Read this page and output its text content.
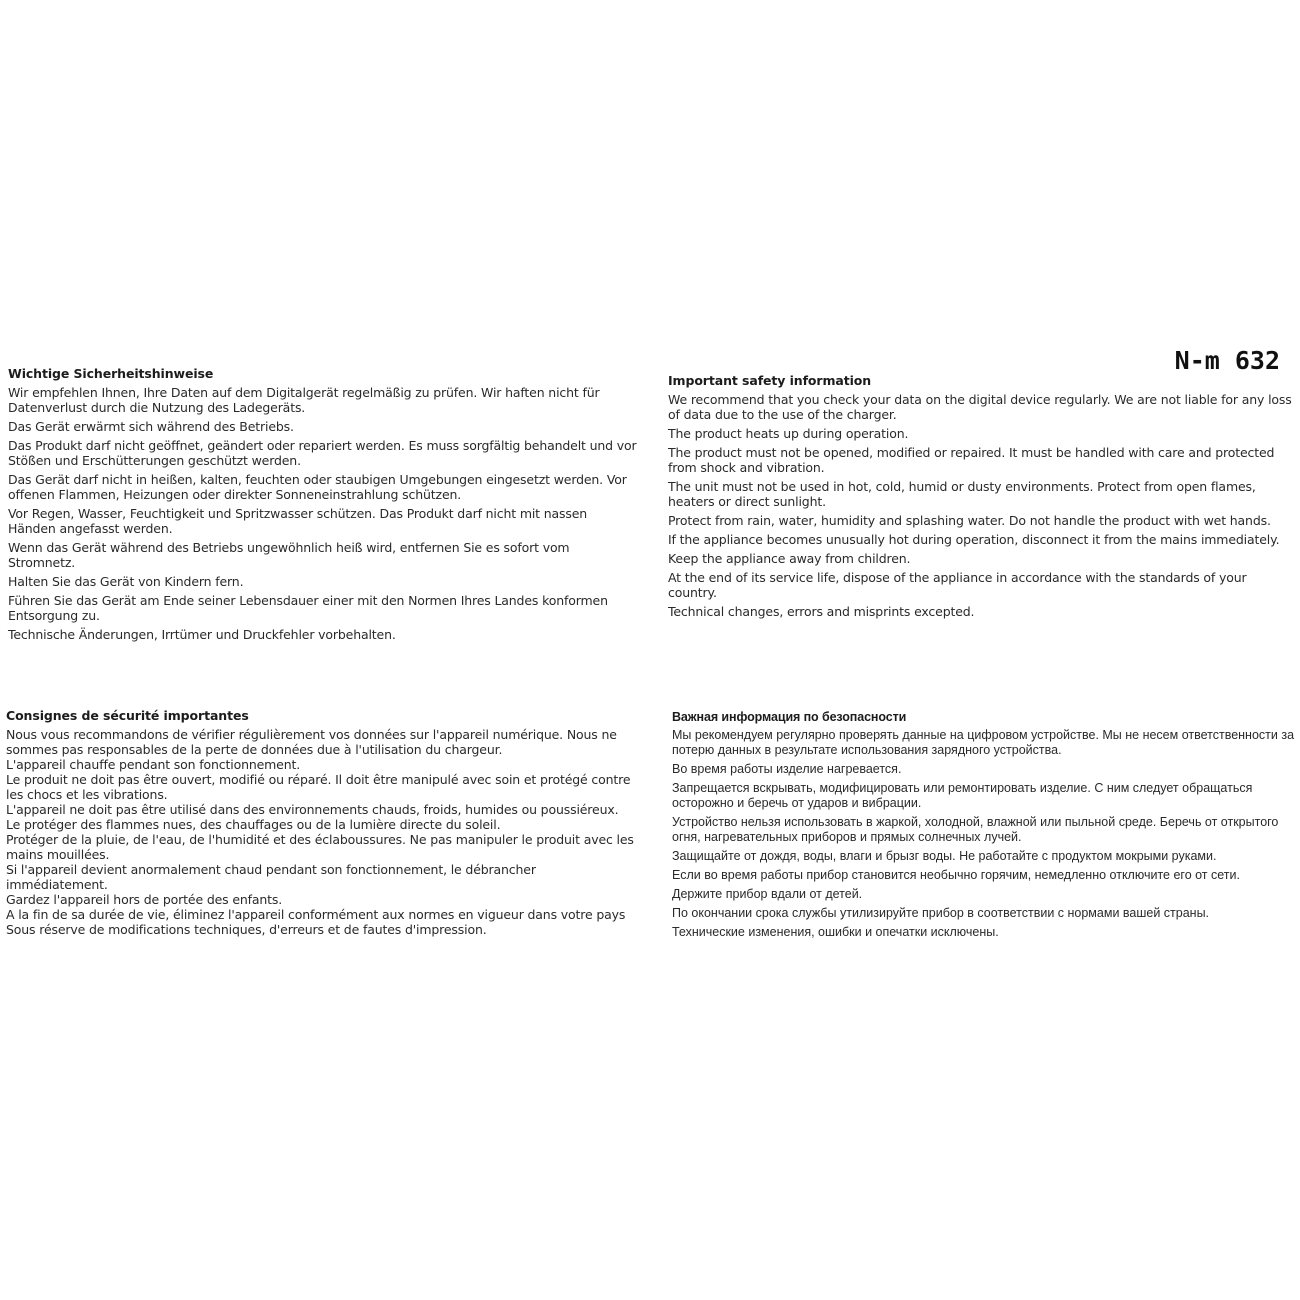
N-m 632

Wichtige Sicherheitshinweise

Wir empfehlen Ihnen, Ihre Daten auf dem Digitalgerät regelmäßig zu prüfen. Wir haften nicht für Datenverlust durch die Nutzung des Ladegeräts.

Das Gerät erwärmt sich während des Betriebs.

Das Produkt darf nicht geöffnet, geändert oder repariert werden. Es muss sorgfältig behandelt und vor Stößen und Erschütterungen geschützt werden.

Das Gerät darf nicht in heißen, kalten, feuchten oder staubigen Umgebungen eingesetzt werden. Vor offenen Flammen, Heizungen oder direkter Sonneneinstrahlung schützen.

Vor Regen, Wasser, Feuchtigkeit und Spritzwasser schützen. Das Produkt darf nicht mit nassen Händen angefasst werden.

Wenn das Gerät während des Betriebs ungewöhnlich heiß wird, entfernen Sie es sofort vom Stromnetz.

Halten Sie das Gerät von Kindern fern.

Führen Sie das Gerät am Ende seiner Lebensdauer einer mit den Normen Ihres Landes konformen Entsorgung zu.

Technische Änderungen, Irrtümer und Druckfehler vorbehalten.

Important safety information

We recommend that you check your data on the digital device regularly. We are not liable for any loss of data due to the use of the charger.

The product heats up during operation.

The product must not be opened, modified or repaired. It must be handled with care and protected from shock and vibration.

The unit must not be used in hot, cold, humid or dusty environments. Protect from open flames, heaters or direct sunlight.

Protect from rain, water, humidity and splashing water. Do not handle the product with wet hands.

If the appliance becomes unusually hot during operation, disconnect it from the mains immediately.

Keep the appliance away from children.

At the end of its service life, dispose of the appliance in accordance with the standards of your country.

Technical changes, errors and misprints excepted.

Consignes de sécurité importantes

Nous vous recommandons de vérifier régulièrement vos données sur l'appareil numérique. Nous ne sommes pas responsables de la perte de données due à l'utilisation du chargeur.

L'appareil chauffe pendant son fonctionnement.

Le produit ne doit pas être ouvert, modifié ou réparé. Il doit être manipulé avec soin et protégé contre les chocs et les vibrations.

L'appareil ne doit pas être utilisé dans des environnements chauds, froids, humides ou poussiéreux.

Le protéger des flammes nues, des chauffages ou de la lumière directe du soleil.

Protéger de la pluie, de l'eau, de l'humidité et des éclaboussures. Ne pas manipuler le produit avec les mains mouillées.

Si l'appareil devient anormalement chaud pendant son fonctionnement, le débrancher immédiatement.

Gardez l'appareil hors de portée des enfants.

A la fin de sa durée de vie, éliminez l'appareil conformément aux normes en vigueur dans votre pays

Sous réserve de modifications techniques, d'erreurs et de fautes d'impression.

Важная информация по безопасности

Мы рекомендуем регулярно проверять данные на цифровом устройстве. Мы не несем ответственности за потерю данных в результате использования зарядного устройства.

Во время работы изделие нагревается.

Запрещается вскрывать, модифицировать или ремонтировать изделие. С ним следует обращаться осторожно и беречь от ударов и вибрации.

Устройство нельзя использовать в жаркой, холодной, влажной или пыльной среде. Беречь от открытого огня, нагревательных приборов и прямых солнечных лучей.

Защищайте от дождя, воды, влаги и брызг воды. Не работайте с продуктом мокрыми руками.

Если во время работы прибор становится необычно горячим, немедленно отключите его от сети.

Держите прибор вдали от детей.

По окончании срока службы утилизируйте прибор в соответствии с нормами вашей страны.

Технические изменения, ошибки и опечатки исключены.
